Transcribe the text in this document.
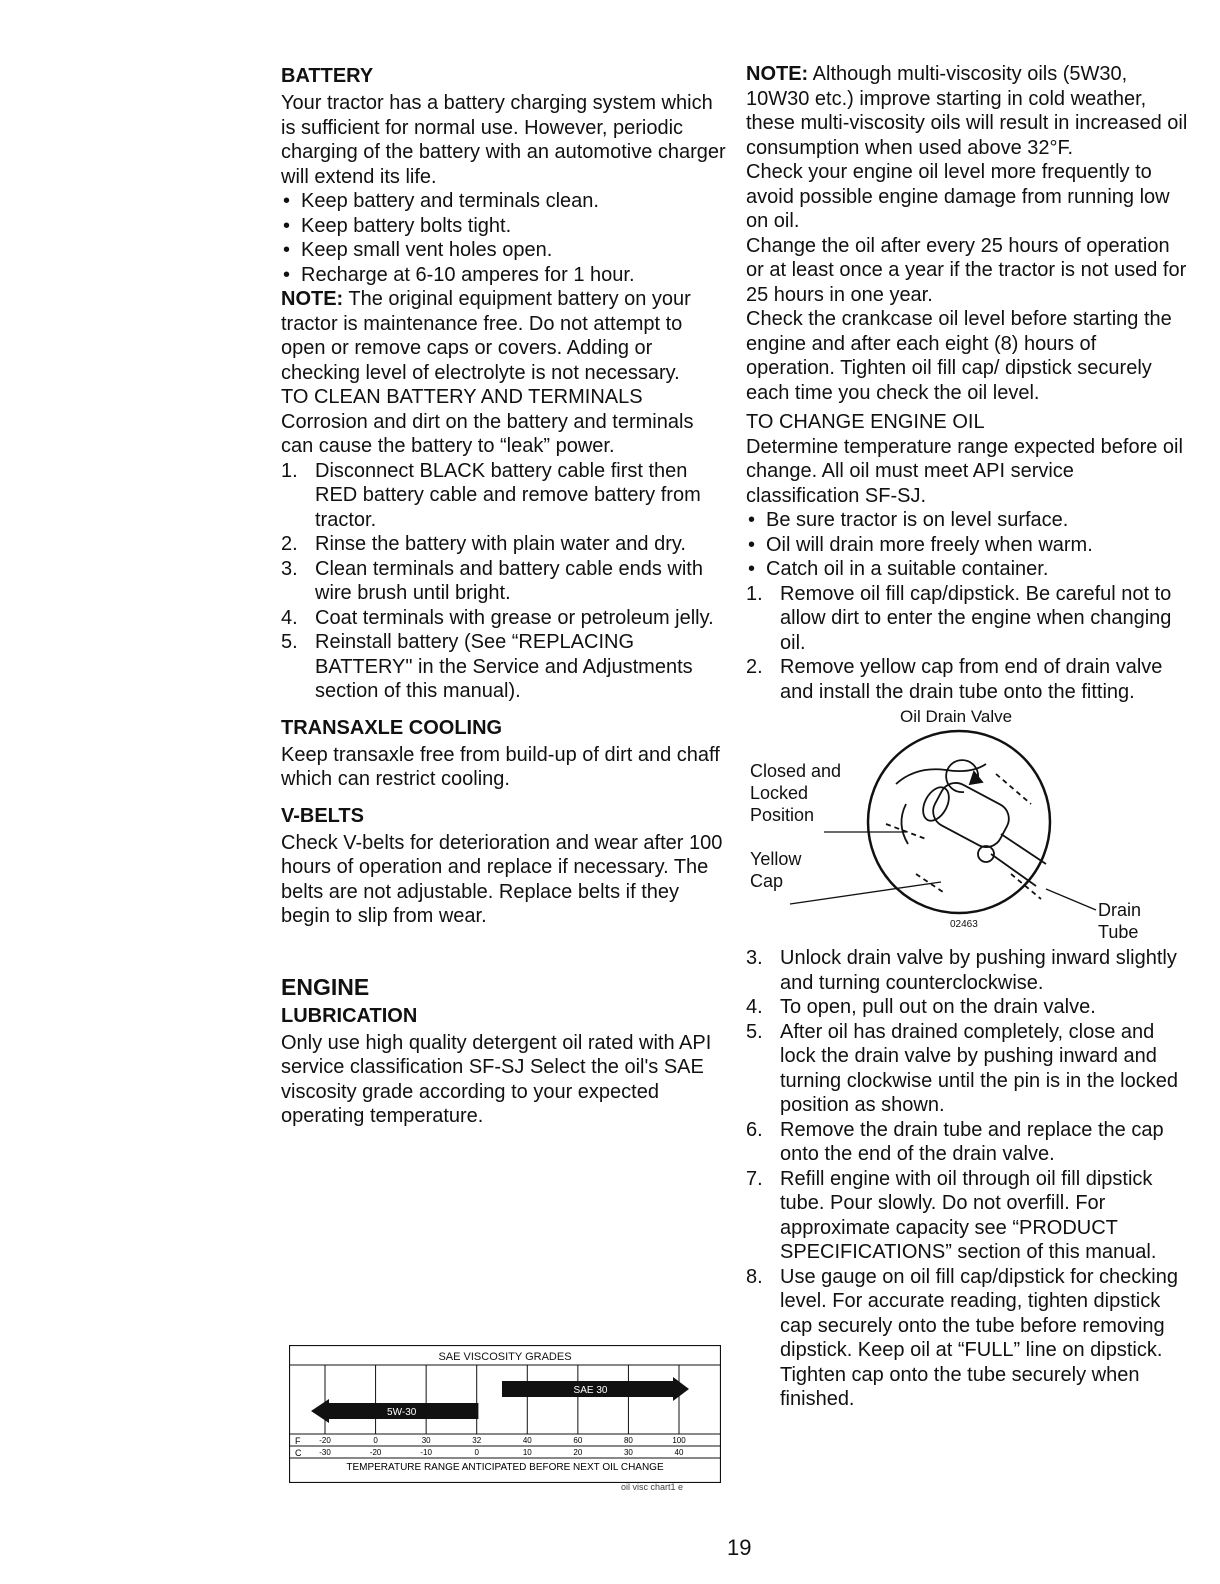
BATTERY

Your tractor has a battery charging system which is sufficient for normal use. However, periodic charging of the battery with an automotive charger will extend its life.

• Keep battery and terminals clean.
• Keep battery bolts tight.
• Keep small vent holes open.
• Recharge at 6-10 amperes for 1 hour.

NOTE: The original equipment battery on your tractor is maintenance free. Do not attempt to open or remove caps or covers. Adding or checking level of electrolyte is not necessary.

TO CLEAN BATTERY AND TERMINALS

Corrosion and dirt on the battery and terminals can cause the battery to “leak” power.

1. Disconnect BLACK battery cable first then RED battery cable and remove battery from tractor.
2. Rinse the battery with plain water and dry.
3. Clean terminals and battery cable ends with wire brush until bright.
4. Coat terminals with grease or petroleum jelly.
5. Reinstall battery (See “REPLACING BATTERY" in the Service and Adjustments section of this manual).
TRANSAXLE COOLING

Keep transaxle free from build-up of dirt and chaff which can restrict cooling.

V-BELTS

Check V-belts for deterioration and wear after 100 hours of operation and replace if necessary. The belts are not adjustable. Replace belts if they begin to slip from wear.

ENGINE
LUBRICATION

Only use high quality detergent oil rated with API service classification SF-SJ Select the oil's SAE viscosity grade according to your expected operating temperature.

SAE VISCOSITY GRADES
5W-30
SAE 30
F
C
-20	0	30	32	40	60	80	100
-30	-20	-10	0	10	20	30	40
TEMPERATURE RANGE ANTICIPATED BEFORE NEXT OIL CHANGE
oil visc chart1 e

NOTE: Although multi-viscosity oils (5W30, 10W30 etc.) improve starting in cold weather, these multi-viscosity oils will result in increased oil consumption when used above 32°F.

Check your engine oil level more frequently to avoid possible engine damage from running low on oil.

Change the oil after every 25 hours of operation or at least once a year if the tractor is not used for 25 hours in one year.

Check the crankcase oil level before starting the engine and after each eight (8) hours of operation. Tighten oil fill cap/ dipstick securely each time you check the oil level.

TO CHANGE ENGINE OIL

Determine temperature range expected before oil change. All oil must meet API service classification SF-SJ.

• Be sure tractor is on level surface.
• Oil will drain more freely when warm.
• Catch oil in a suitable container.
1. Remove oil fill cap/dipstick. Be careful not to allow dirt to enter the engine when changing oil.
2. Remove yellow cap from end of drain valve and install the drain tube onto the fitting.
Oil Drain Valve
Closed and
Locked
Position
Yellow
Cap
Drain
Tube
02463
3. Unlock drain valve by pushing inward slightly and turning counterclockwise.
4. To open, pull out on the drain valve.
5. After oil has drained completely, close and lock the drain valve by pushing inward and turning clockwise until the pin is in the locked position as shown.
6. Remove the drain tube and replace the cap onto the end of the drain valve.
7. Refill engine with oil through oil fill dipstick tube. Pour slowly. Do not overfill. For approximate capacity see “PRODUCT SPECIFICATIONS” section of this manual.
8. Use gauge on oil fill cap/dipstick for checking level. For accurate reading, tighten dipstick cap securely onto the tube before removing dipstick. Keep oil at “FULL” line on dipstick. Tighten cap onto the tube securely when finished.
19
